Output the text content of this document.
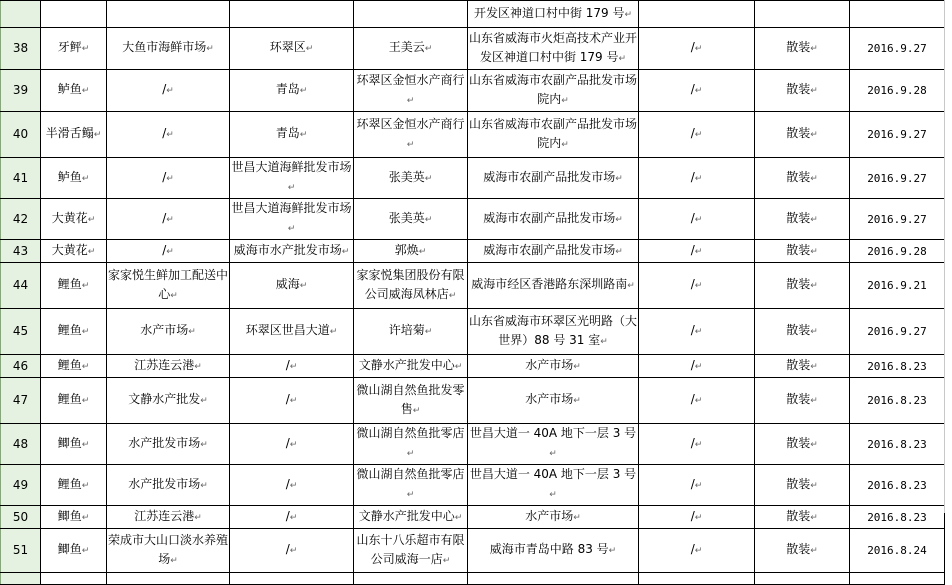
					开发区神道口村中街 179 号↵			
38	牙鲆↵	大鱼市海鲜市场↵	环翠区↵	王美云↵	山东省威海市火炬高技术产业开发区神道口村中街 179 号↵	/↵	散装↵	2016.9.27
39	鲈鱼↵	/↵	青岛↵	环翠区金恒水产商行↵	山东省威海市农副产品批发市场院内↵	/↵	散装↵	2016.9.28
40	半滑舌鳎↵	/↵	青岛↵	环翠区金恒水产商行↵	山东省威海市农副产品批发市场院内↵	/↵	散装↵	2016.9.27
41	鲈鱼↵	/↵	世昌大道海鲜批发市场↵	张美英↵	威海市农副产品批发市场↵	/↵	散装↵	2016.9.27
42	大黄花↵	/↵	世昌大道海鲜批发市场↵	张美英↵	威海市农副产品批发市场↵	/↵	散装↵	2016.9.27
43	大黄花↵	/↵	威海市水产批发市场↵	郭焕↵	威海市农副产品批发市场↵	/↵	散装↵	2016.9.28
44	鲤鱼↵	家家悦生鲜加工配送中心↵	威海↵	家家悦集团股份有限公司威海凤林店↵	威海市经区香港路东深圳路南↵	/↵	散装↵	2016.9.21
45	鲤鱼↵	水产市场↵	环翠区世昌大道↵	许培菊↵	山东省威海市环翠区光明路（大世界）88 号 31 室↵	/↵	散装↵	2016.9.27
46	鲤鱼↵	江苏连云港↵	/↵	文静水产批发中心↵	水产市场↵	/↵	散装↵	2016.8.23
47	鲤鱼↵	文静水产批发↵	/↵	微山湖自然鱼批发零售↵	水产市场↵	/↵	散装↵	2016.8.23
48	鲫鱼↵	水产批发市场↵	/↵	微山湖自然鱼批零店↵	世昌大道一 40A 地下一层 3 号↵	/↵	散装↵	2016.8.23
49	鲤鱼↵	水产批发市场↵	/↵	微山湖自然鱼批零店↵	世昌大道一 40A 地下一层 3 号↵	/↵	散装↵	2016.8.23
50	鲫鱼↵	江苏连云港↵	/↵	文静水产批发中心↵	水产市场↵	/↵	散装↵	2016.8.23
51	鲫鱼↵	荣成市大山口淡水养殖场↵	/↵	山东十八乐超市有限公司威海一店↵	威海市青岛中路 83 号↵	/↵	散装↵	2016.8.24
